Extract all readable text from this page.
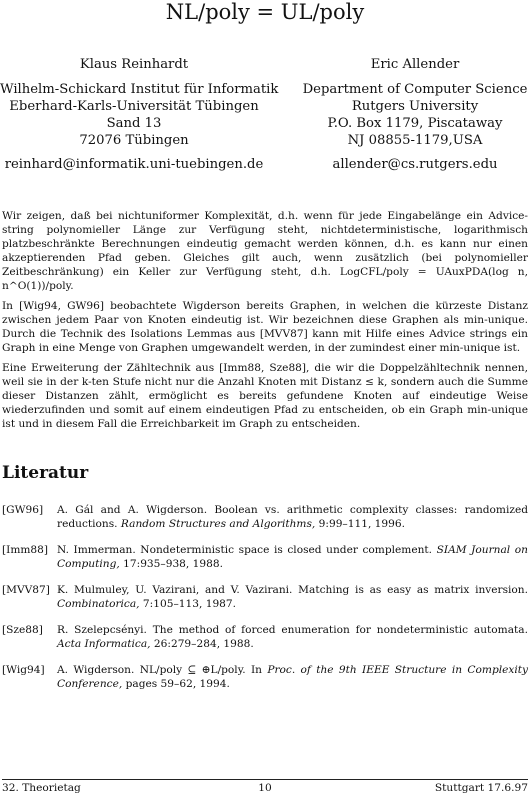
NL/poly = UL/poly
Klaus Reinhardt
Wilhelm-Schickard Institut für Informatik
Eberhard-Karls-Universität Tübingen
Sand 13
72076 Tübingen
reinhard@informatik.uni-tuebingen.de
Eric Allender
Department of Computer Science
Rutgers University
P.O. Box 1179, Piscataway
NJ 08855-1179,USA
allender@cs.rutgers.edu

Wir zeigen, daß bei nichtuniformer Komplexität, d.h. wenn für jede Eingabelänge ein Advice-string polynomieller Länge zur Verfügung steht, nichtdeterministische, logarithmisch platzbeschränkte Berechnungen eindeutig gemacht werden können, d.h. es kann nur einen akzeptierenden Pfad geben. Gleiches gilt auch, wenn zusätzlich (bei polynomieller Zeitbeschränkung) ein Keller zur Verfügung steht, d.h. LogCFL/poly = UAuxPDA(log n, n^O(1))/poly.

In [Wig94, GW96] beobachtete Wigderson bereits Graphen, in welchen die kürzeste Distanz zwischen jedem Paar von Knoten eindeutig ist. Wir bezeichnen diese Graphen als min-unique. Durch die Technik des Isolations Lemmas aus [MVV87] kann mit Hilfe eines Advice strings ein Graph in eine Menge von Graphen umgewandelt werden, in der zumindest einer min-unique ist.

Eine Erweiterung der Zähltechnik aus [Imm88, Sze88], die wir die Doppelzähltechnik nennen, weil sie in der k-ten Stufe nicht nur die Anzahl Knoten mit Distanz ≤ k, sondern auch die Summe dieser Distanzen zählt, ermöglicht es bereits gefundene Knoten auf eindeutige Weise wiederzufinden und somit auf einem eindeutigen Pfad zu entscheiden, ob ein Graph min-unique ist und in diesem Fall die Erreichbarkeit im Graph zu entscheiden.

Literatur
[GW96] A. Gál and A. Wigderson. Boolean vs. arithmetic complexity classes: randomized reductions. Random Structures and Algorithms, 9:99–111, 1996.
[Imm88] N. Immerman. Nondeterministic space is closed under complement. SIAM Journal on Computing, 17:935–938, 1988.
[MVV87] K. Mulmuley, U. Vazirani, and V. Vazirani. Matching is as easy as matrix inversion. Combinatorica, 7:105–113, 1987.
[Sze88] R. Szelepcsényi. The method of forced enumeration for nondeterministic automata. Acta Informatica, 26:279–284, 1988.
[Wig94] A. Wigderson. NL/poly ⊆ ⊕L/poly. In Proc. of the 9th IEEE Structure in Complexity Conference, pages 59–62, 1994.
32. Theorietag	10	Stuttgart 17.6.97
